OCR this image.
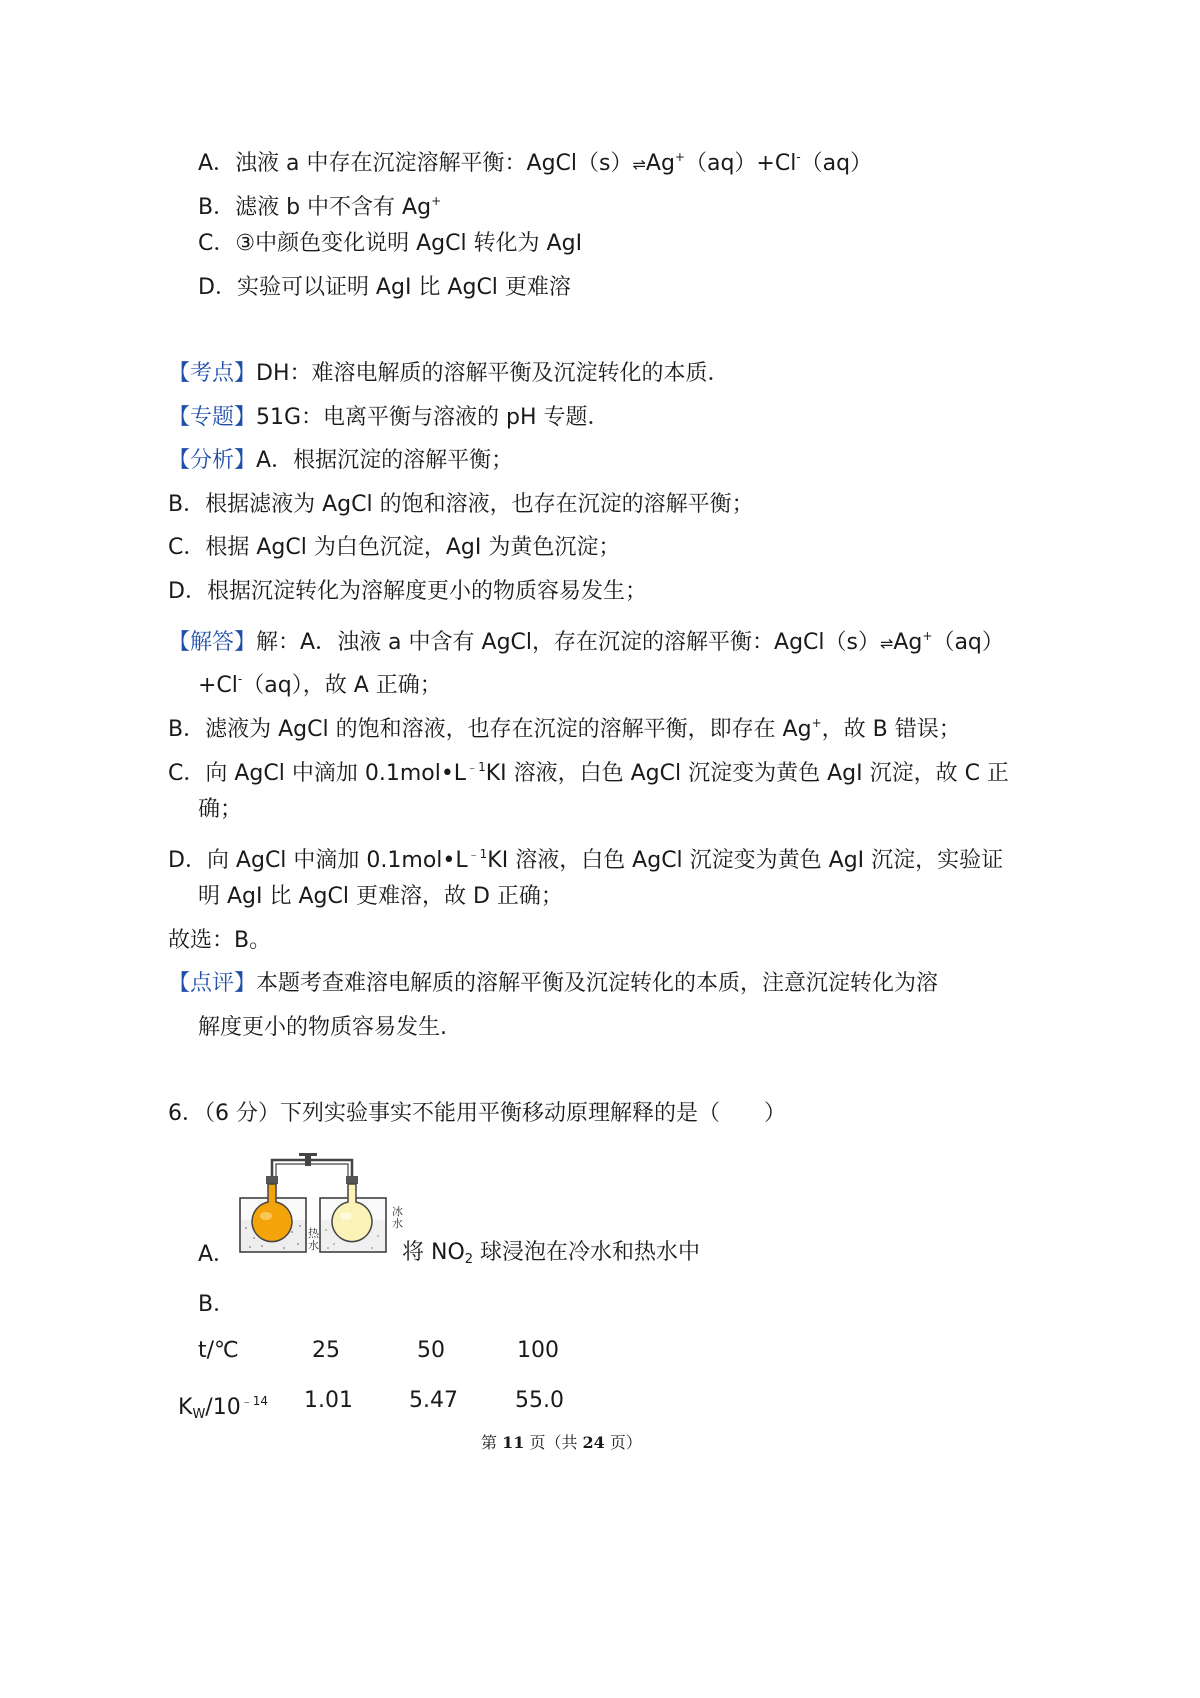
A．浊液 a 中存在沉淀溶解平衡：AgCl（s）⇌Ag+（aq）+Cl-（aq）
B．滤液 b 中不含有 Ag+
C．③中颜色变化说明 AgCl 转化为 AgI
D．实验可以证明 AgI 比 AgCl 更难溶
【考点】DH：难溶电解质的溶解平衡及沉淀转化的本质．
【专题】51G：电离平衡与溶液的 pH 专题．
【分析】A．根据沉淀的溶解平衡；
B．根据滤液为 AgCl 的饱和溶液，也存在沉淀的溶解平衡；
C．根据 AgCl 为白色沉淀，AgI 为黄色沉淀；
D．根据沉淀转化为溶解度更小的物质容易发生；
【解答】解：A．浊液 a 中含有 AgCl，存在沉淀的溶解平衡：AgCl（s）⇌Ag+（aq）
+Cl-（aq），故 A 正确；
B．滤液为 AgCl 的饱和溶液，也存在沉淀的溶解平衡，即存在 Ag+，故 B 错误；
C．向 AgCl 中滴加 $0.1mol•L^{﹣1}KI$ 溶液，白色 AgCl 沉淀变为黄色 AgI 沉淀，故 C 正
确；
D．向 AgCl 中滴加 $0.1mol•L^{﹣1}KI$ 溶液，白色 AgCl 沉淀变为黄色 AgI 沉淀，实验证
明 AgI 比 AgCl 更难溶，故 D 正确；
故选：B。
【点评】本题考查难溶电解质的溶解平衡及沉淀转化的本质，注意沉淀转化为溶
解度更小的物质容易发生.
6．（6 分）下列实验事实不能用平衡移动原理解释的是（　　）
热水
冰水
A．	将 $NO_2$ 球浸泡在冷水和热水中
B．
t/℃	25	50	100
$K_W/10^{﹣14}$ 1.01	5.47	55.0
第 11 页（共 24 页）
